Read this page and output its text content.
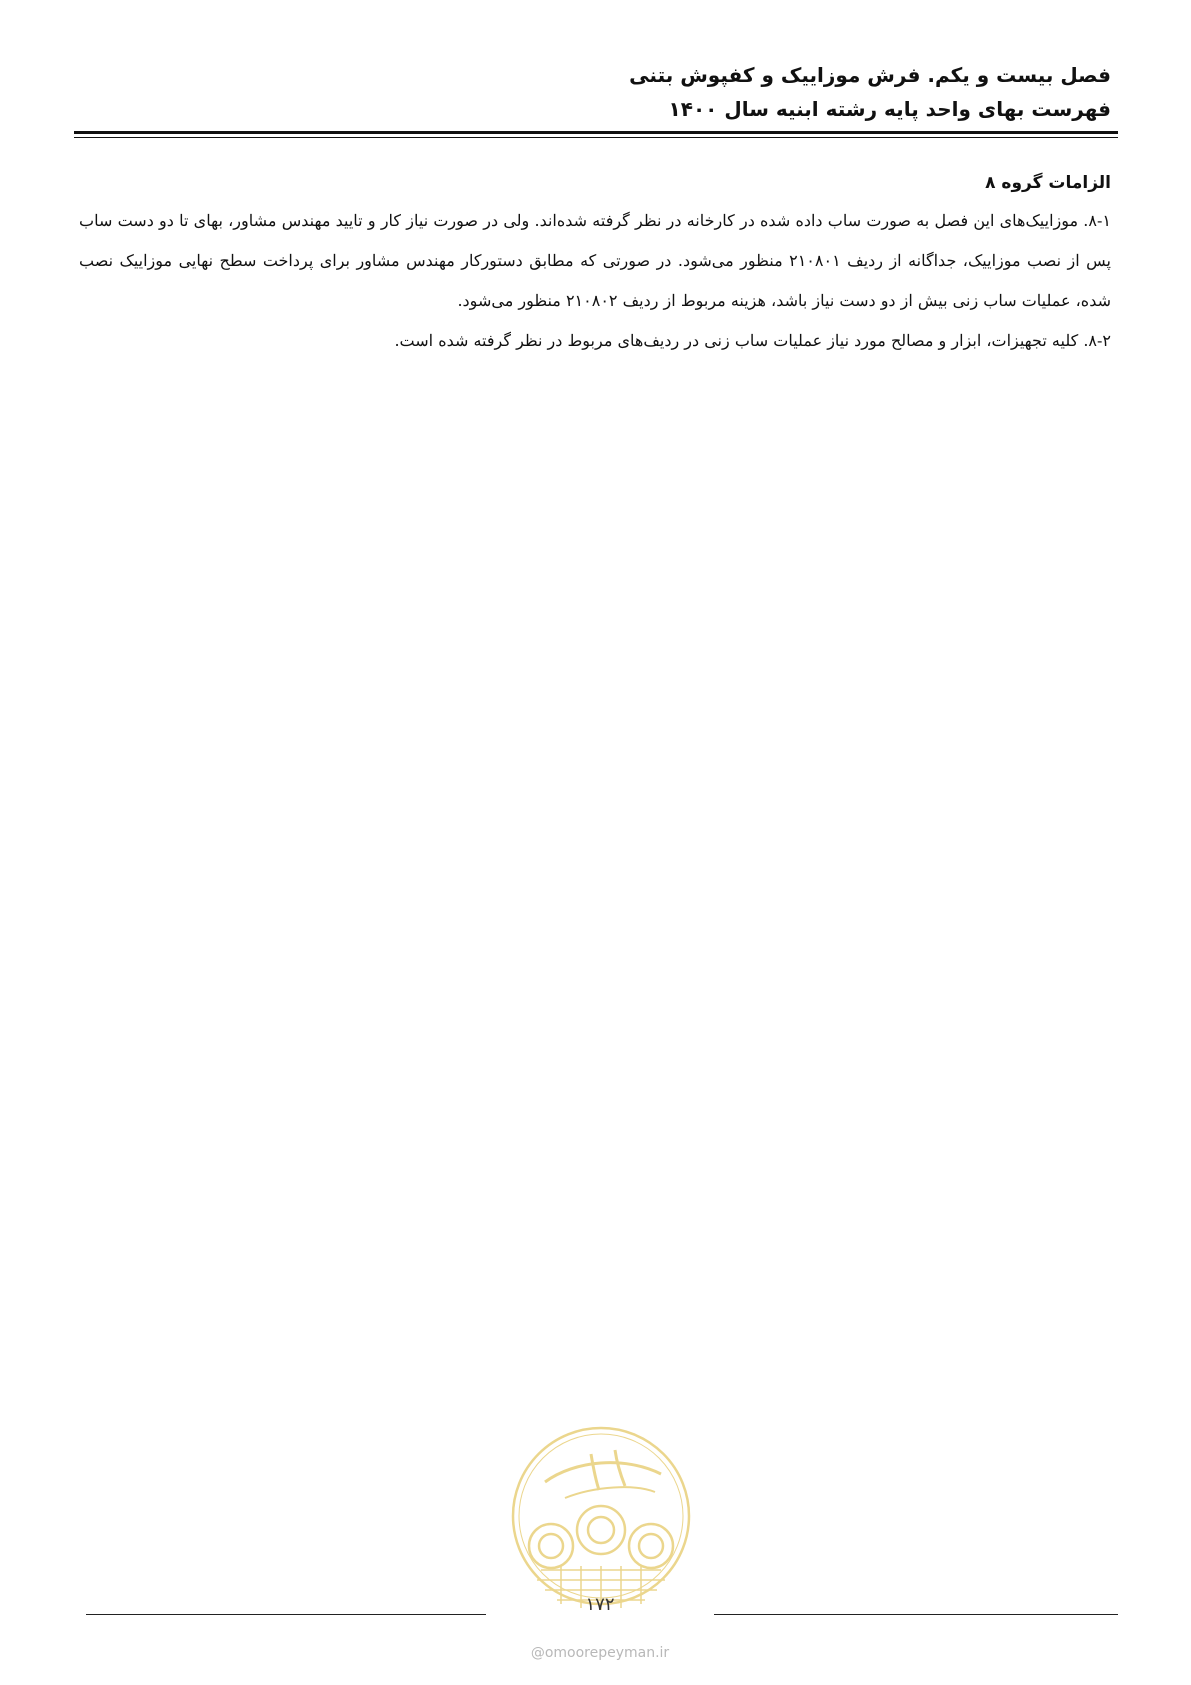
فصل بیست و یکم. فرش موزاییک و کفپوش بتنی
فهرست بهای واحد پایه رشته ابنیه سال ۱۴۰۰
الزامات گروه ۸

۸-۱. موزاییک‌های این فصل به صورت ساب داده شده در کارخانه در نظر گرفته شده‌اند. ولی در صورت نیاز کار و تایید مهندس مشاور، بهای تا دو دست ساب پس از نصب موزاییک، جداگانه از ردیف ۲۱۰۸۰۱ منظور می‌شود. در صورتی که مطابق دستورکار مهندس مشاور برای پرداخت سطح نهایی موزاییک نصب شده، عملیات ساب زنی بیش از دو دست نیاز باشد، هزینه مربوط از ردیف ۲۱۰۸۰۲ منظور می‌شود.

۸-۲. کلیه تجهیزات، ابزار و مصالح مورد نیاز عملیات ساب زنی در ردیف‌های مربوط در نظر گرفته شده است.

۱۷۲
@omoorepeyman.ir
